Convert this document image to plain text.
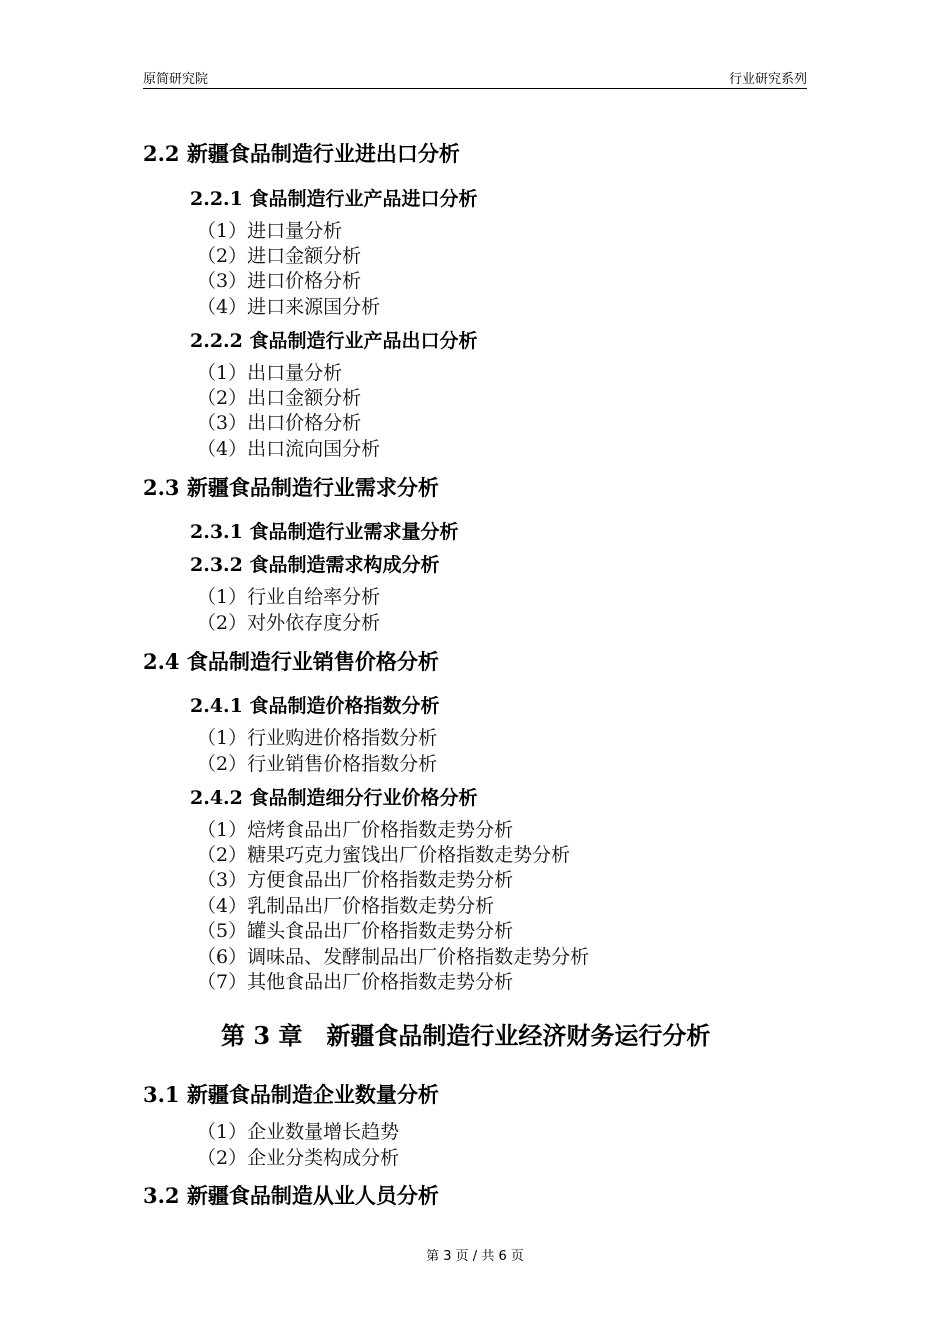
原简研究院	行业研究系列
2.2 新疆食品制造行业进出口分析
2.2.1 食品制造行业产品进口分析
（1）进口量分析
（2）进口金额分析
（3）进口价格分析
（4）进口来源国分析
2.2.2 食品制造行业产品出口分析
（1）出口量分析
（2）出口金额分析
（3）出口价格分析
（4）出口流向国分析
2.3 新疆食品制造行业需求分析
2.3.1 食品制造行业需求量分析
2.3.2 食品制造需求构成分析
（1）行业自给率分析
（2）对外依存度分析
2.4 食品制造行业销售价格分析
2.4.1 食品制造价格指数分析
（1）行业购进价格指数分析
（2）行业销售价格指数分析
2.4.2 食品制造细分行业价格分析
（1）焙烤食品出厂价格指数走势分析
（2）糖果巧克力蜜饯出厂价格指数走势分析
（3）方便食品出厂价格指数走势分析
（4）乳制品出厂价格指数走势分析
（5）罐头食品出厂价格指数走势分析
（6）调味品、发酵制品出厂价格指数走势分析
（7）其他食品出厂价格指数走势分析
第 3 章　新疆食品制造行业经济财务运行分析
3.1 新疆食品制造企业数量分析
（1）企业数量增长趋势
（2）企业分类构成分析
3.2 新疆食品制造从业人员分析
第 3 页 / 共 6 页
